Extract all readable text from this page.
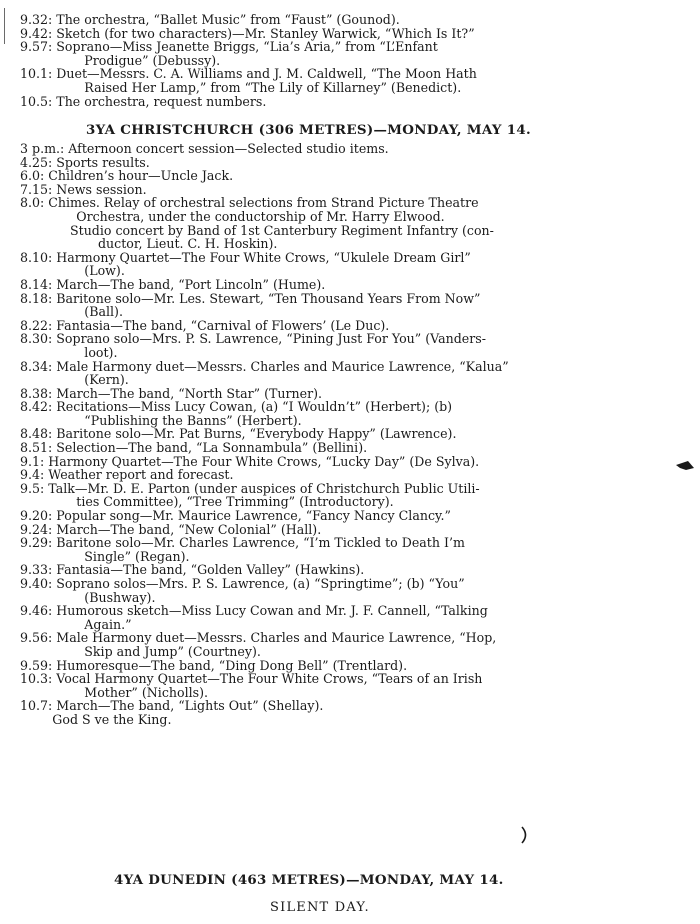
9.32: The orchestra, “Ballet Music” from “Faust” (Gounod).
9.42: Sketch (for two characters)—Mr. Stanley Warwick, “Which Is It?”
9.57: Soprano—Miss Jeanette Briggs, “Lia’s Aria,” from “L’Enfant
Prodigue” (Debussy).
10.1: Duet—Messrs. C. A. Williams and J. M. Caldwell, “The Moon Hath
Raised Her Lamp,” from “The Lily of Killarney” (Benedict).
10.5: The orchestra, request numbers.
3YA CHRISTCHURCH (306 METRES)—MONDAY, MAY 14.
3 p.m.: Afternoon concert session—Selected studio items.
4.25: Sports results.
6.0: Children’s hour—Uncle Jack.
7.15: News session.
8.0: Chimes. Relay of orchestral selections from Strand Picture Theatre
Orchestra, under the conductorship of Mr. Harry Elwood.
Studio concert by Band of 1st Canterbury Regiment Infantry (con-
ductor, Lieut. C. H. Hoskin).
8.10: Harmony Quartet—The Four White Crows, “Ukulele Dream Girl”
(Low).
8.14: March—The band, “Port Lincoln” (Hume).
8.18: Baritone solo—Mr. Les. Stewart, “Ten Thousand Years From Now”
(Ball).
8.22: Fantasia—The band, “Carnival of Flowers’ (Le Duc).
8.30: Soprano solo—Mrs. P. S. Lawrence, “Pining Just For You” (Vanders-
loot).
8.34: Male Harmony duet—Messrs. Charles and Maurice Lawrence, “Kalua”
(Kern).
8.38: March—The band, “North Star” (Turner).
8.42: Recitations—Miss Lucy Cowan, (a) “I Wouldn’t” (Herbert); (b)
“Publishing the Banns” (Herbert).
8.48: Baritone solo—Mr. Pat Burns, “Everybody Happy” (Lawrence).
8.51: Selection—The band, “La Sonnambula” (Bellini).
9.1: Harmony Quartet—The Four White Crows, “Lucky Day” (De Sylva).
9.4: Weather report and forecast.
9.5: Talk—Mr. D. E. Parton (under auspices of Christchurch Public Utili-
ties Committee), “Tree Trimming” (Introductory).
9.20: Popular song—Mr. Maurice Lawrence, “Fancy Nancy Clancy.”
9.24: March—The band, “New Colonial” (Hall).
9.29: Baritone solo—Mr. Charles Lawrence, “I’m Tickled to Death I’m
Single” (Regan).
9.33: Fantasia—The band, “Golden Valley” (Hawkins).
9.40: Soprano solos—Mrs. P. S. Lawrence, (a) “Springtime”; (b) “You”
(Bushway).
9.46: Humorous sketch—Miss Lucy Cowan and Mr. J. F. Cannell, “Talking
Again.”
9.56: Male Harmony duet—Messrs. Charles and Maurice Lawrence, “Hop,
Skip and Jump” (Courtney).
9.59: Humoresque—The band, “Ding Dong Bell” (Trentlard).
10.3: Vocal Harmony Quartet—The Four White Crows, “Tears of an Irish
Mother” (Nicholls).
10.7: March—The band, “Lights Out” (Shellay).
God S ve the King.
4YA DUNEDIN (463 METRES)—MONDAY, MAY 14.
SILENT DAY.
